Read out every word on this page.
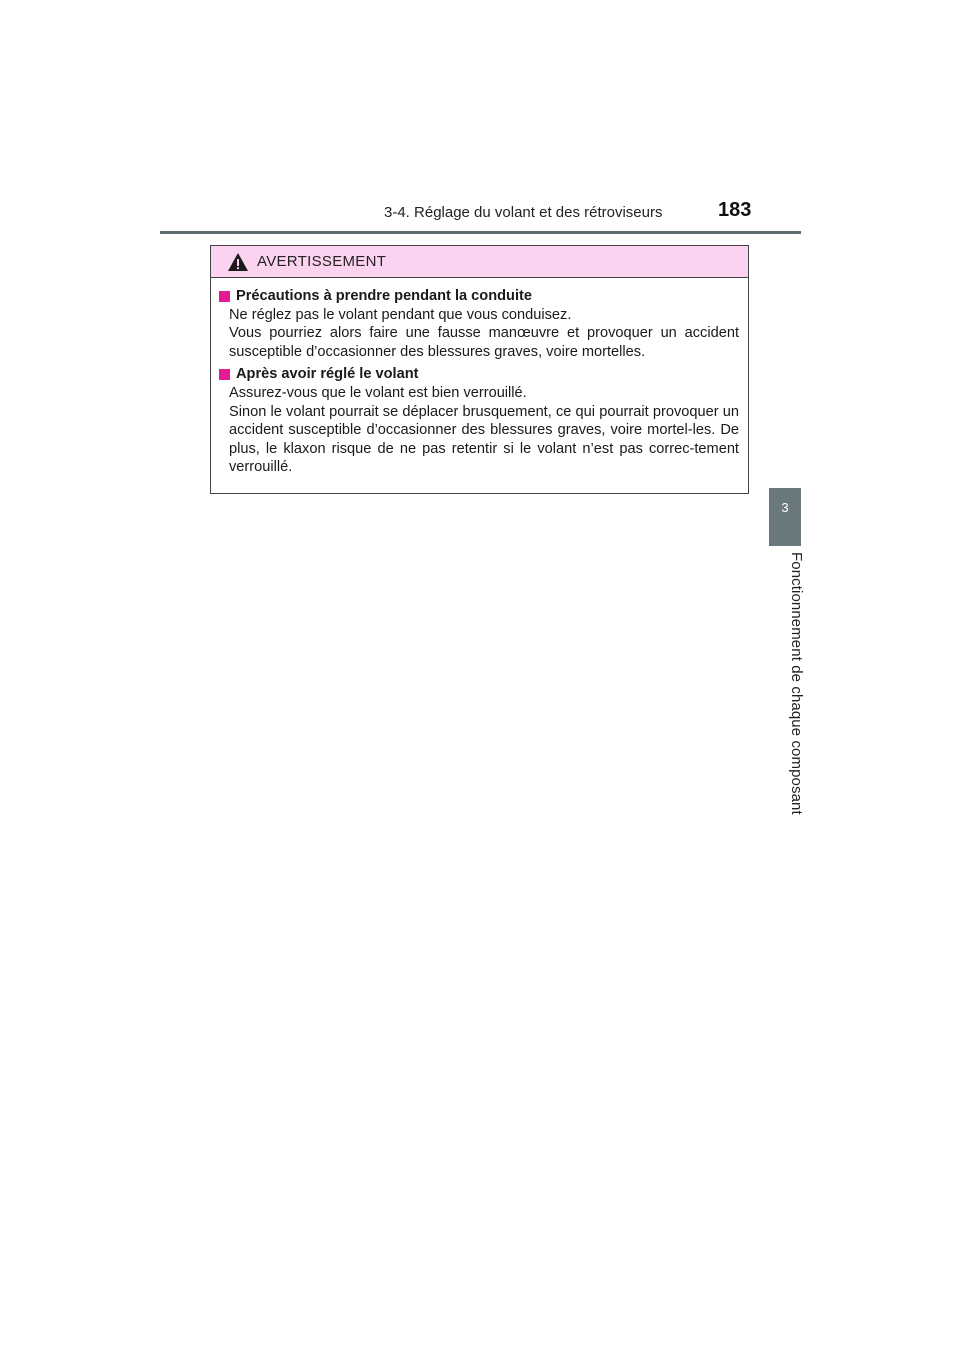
3-4. Réglage du volant et des rétroviseurs	183
3
Fonctionnement de chaque composant
AVERTISSEMENT
Précautions à prendre pendant la conduite

Ne réglez pas le volant pendant que vous conduisez.

Vous pourriez alors faire une fausse manœuvre et provoquer un accident susceptible d’occasionner des blessures graves, voire mortelles.

Après avoir réglé le volant

Assurez-vous que le volant est bien verrouillé.

Sinon le volant pourrait se déplacer brusquement, ce qui pourrait provoquer un accident susceptible d’occasionner des blessures graves, voire mortel-les. De plus, le klaxon risque de ne pas retentir si le volant n’est pas correc-tement verrouillé.
